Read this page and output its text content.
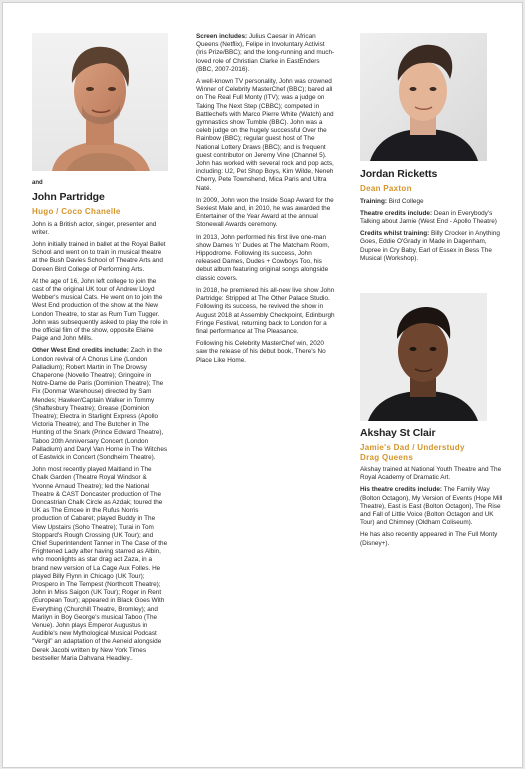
and

John Partridge

Hugo / Coco Chanelle

John is a British actor, singer, presenter and writer.

John initially trained in ballet at the Royal Ballet School and went on to train in musical theatre at the Bush Davies School of Theatre Arts and Doreen Bird College of Performing Arts.

At the age of 16, John left college to join the cast of the original UK tour of Andrew Lloyd Webber's musical Cats. He went on to join the West End production of the show at the New London Theatre, to star as Rum Tum Tugger. John was subsequently asked to play the role in the official film of the show, opposite Elaine Paige and John Mills.

Other West End credits include: Zach in the London revival of A Chorus Line (London Palladium); Robert Martin in The Drowsy Chaperone (Novello Theatre); Gringoire in Notre-Dame de Paris (Dominion Theatre); The Fix (Donmar Warehouse) directed by Sam Mendes; Hawker/Captain Walker in Tommy (Shaftesbury Theatre); Grease (Dominion Theatre); Electra in Starlight Express (Apollo Victoria Theatre); and The Butcher in The Hunting of the Snark (Prince Edward Theatre), Taboo 20th Anniversary Concert (London Palladium) and Daryl Van Horne in The Witches of Eastwick in Concert (Sondheim Theatre).

John most recently played Maitland in The Chalk Garden (Theatre Royal Windsor & Yvonne Arnaud Theatre); led the National Theatre & CAST Doncaster production of The Doncastrian Chalk Circle as Azdak; toured the UK as The Emcee in the Rufus Norris production of Cabaret; played Buddy in The View Upstairs (Soho Theatre); Turai in Tom Stoppard's Rough Crossing (UK Tour); and Chief Superintendent Tanner in The Case of the Frightened Lady after having starred as Albin, who moonlights as star drag act Zaza, in a brand new version of La Cage Aux Folles. He played Billy Flynn in Chicago (UK Tour); Prospero in The Tempest (Northcott Theatre); John in Miss Saigon (UK Tour); Roger in Rent (European Tour); appeared in Black Goes With Everything (Churchill Theatre, Bromley); and Marilyn in Boy George's musical Taboo (The Venue). John plays Emperor Augustus in Audible's new Mythological Musical Podcast "Vergil" an adaptation of the Aeneid alongside Derek Jacobi written by New York Times bestseller Maria Dahvana Headley..

Screen includes: Julius Caesar in African Queens (Netflix), Felipe in Involuntary Activist (Iris Prize/BBC); and the long-running and much-loved role of Christian Clarke in EastEnders (BBC, 2007-2016).

A well-known TV personality, John was crowned Winner of Celebrity MasterChef (BBC); bared all on The Real Full Monty (ITV); was a judge on Taking The Next Step (CBBC); competed in Battlechefs with Marco Pierre White (Watch) and gymnastics show Tumble (BBC). John was a celeb judge on the hugely successful Over the Rainbow (BBC); regular guest host of The National Lottery Draws (BBC); and is frequent guest contributor on Jeremy Vine (Channel 5). John has worked with several rock and pop acts, including: U2, Pet Shop Boys, Kim Wilde, Neneh Cherry, Pete Townshend, Mica Paris and Ultra Naté.

In 2009, John won the Inside Soap Award for the Sexiest Male and, in 2010, he was awarded the Entertainer of the Year Award at the annual Stonewall Awards ceremony.

In 2013, John performed his first live one-man show Dames 'n' Dudes at The Matcham Room, Hippodrome. Following its success, John released Dames, Dudes + Cowboys Too, his debut album featuring original songs alongside classic covers.

In 2018, he premiered his all-new live show John Partridge: Stripped at The Other Palace Studio. Following its success, he revived the show in August 2018 at Assembly Checkpoint, Edinburgh Fringe Festival, returning back to London for a final performance at The Pleasance.

Following his Celebrity MasterChef win, 2020 saw the release of his debut book, There's No Place Like Home.

Jordan Ricketts

Dean Paxton

Training: Bird College

Theatre credits include: Dean in Everybody's Talking about Jamie (West End - Apollo Theatre)

Credits whilst training: Billy Crocker in Anything Goes, Eddie O'Grady in Made in Dagenham, Dupree in Cry Baby, Earl of Essex in Bess The Musical (Workshop).

Akshay St Clair

Jamie's Dad / Understudy

Drag Queens

Akshay trained at National Youth Theatre and The Royal Academy of Dramatic Art.

His theatre credits include: The Family Way (Bolton Octagon), My Version of Events (Hope Mill Theatre), East is East (Bolton Octagon), The Rise and Fall of Little Voice (Bolton Octagon and UK Tour) and Chimney (Oldham Coliseum).

He has also recently appeared in The Full Monty (Disney+).
